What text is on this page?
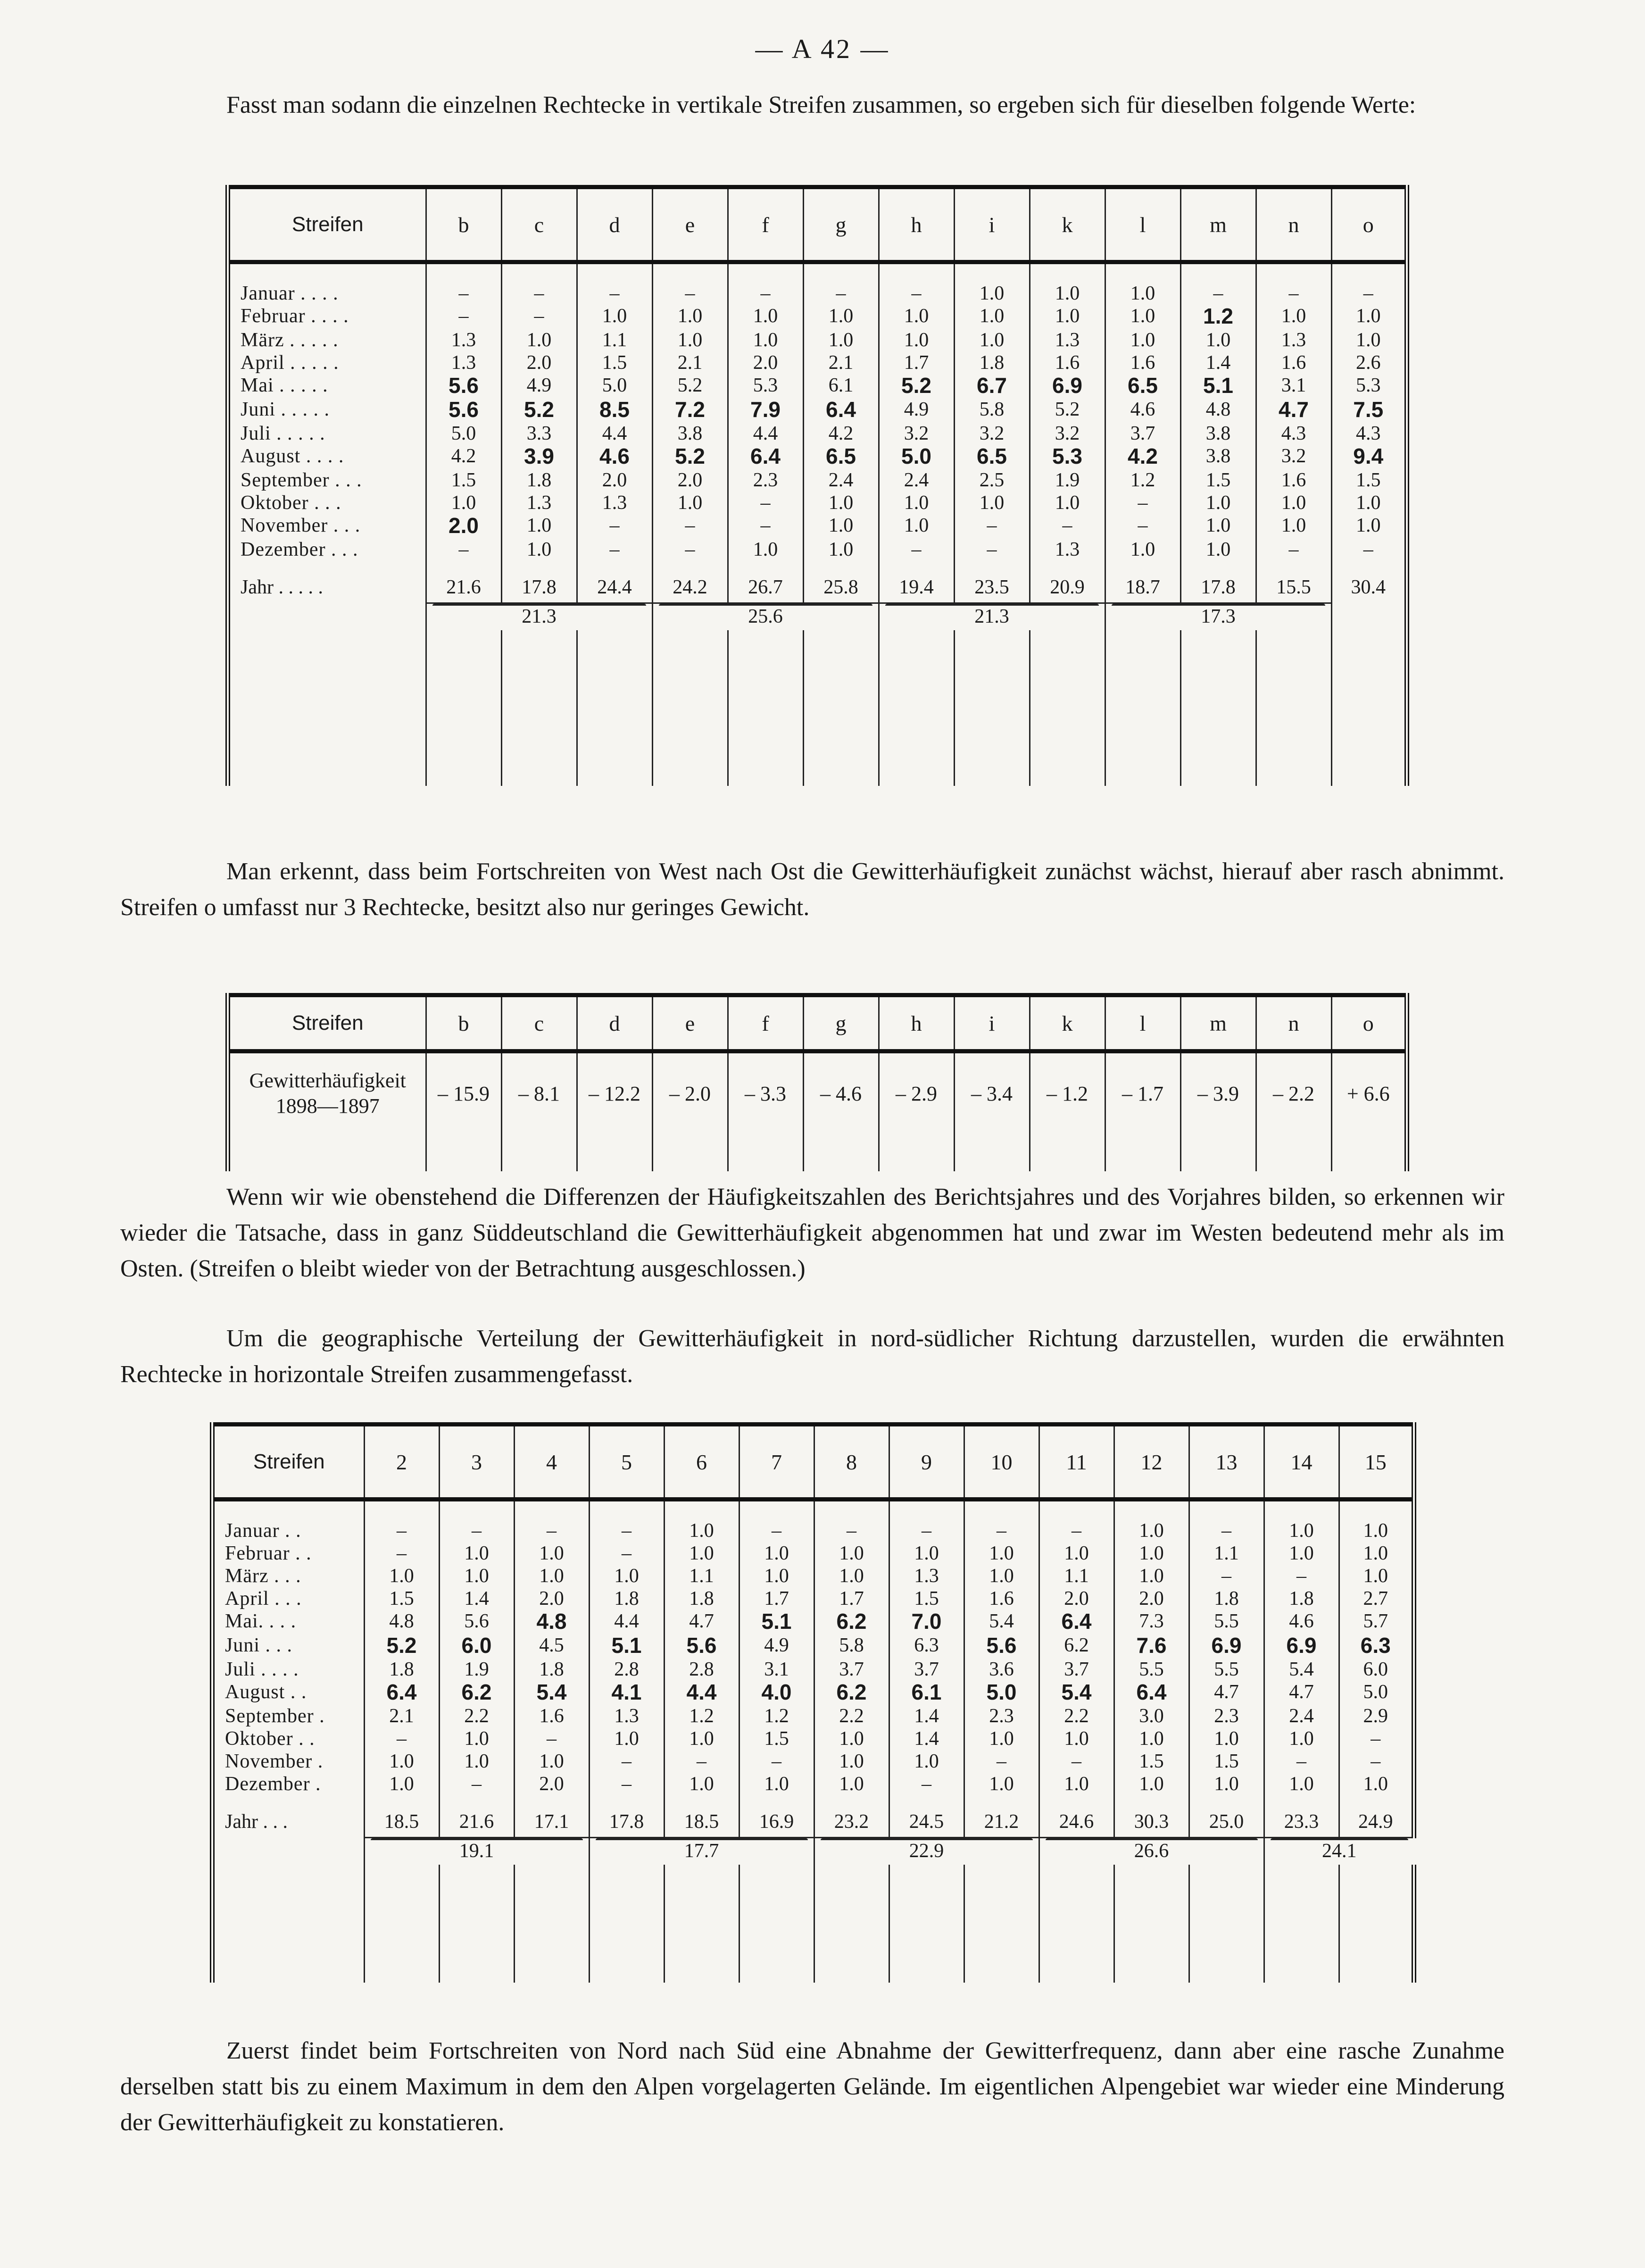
— A 42 —
Fasst man sodann die einzelnen Rechtecke in vertikale Streifen zusammen, so ergeben sich für dieselben folgende Werte:
Streifen	b	c	d	e	f	g	h	i	k	l	m	n	o

Januar . . . .	–	–	–	–	–	–	–	1.0	1.0	1.0	–	–	–
Februar . . . .	–	–	1.0	1.0	1.0	1.0	1.0	1.0	1.0	1.0	1.2	1.0	1.0
März . . . . .	1.3	1.0	1.1	1.0	1.0	1.0	1.0	1.0	1.3	1.0	1.0	1.3	1.0
April . . . . .	1.3	2.0	1.5	2.1	2.0	2.1	1.7	1.8	1.6	1.6	1.4	1.6	2.6
Mai . . . . .	5.6	4.9	5.0	5.2	5.3	6.1	5.2	6.7	6.9	6.5	5.1	3.1	5.3
Juni . . . . .	5.6	5.2	8.5	7.2	7.9	6.4	4.9	5.8	5.2	4.6	4.8	4.7	7.5
Juli . . . . .	5.0	3.3	4.4	3.8	4.4	4.2	3.2	3.2	3.2	3.7	3.8	4.3	4.3
August . . . .	4.2	3.9	4.6	5.2	6.4	6.5	5.0	6.5	5.3	4.2	3.8	3.2	9.4
September . . .	1.5	1.8	2.0	2.0	2.3	2.4	2.4	2.5	1.9	1.2	1.5	1.6	1.5
Oktober . . .	1.0	1.3	1.3	1.0	–	1.0	1.0	1.0	1.0	–	1.0	1.0	1.0
November . . .	2.0	1.0	–	–	–	1.0	1.0	–	–	–	1.0	1.0	1.0
Dezember . . .	–	1.0	–	–	1.0	1.0	–	–	1.3	1.0	1.0	–	–
Jahr . . . . .	21.6	17.8	24.4	24.2	26.7	25.8	19.4	23.5	20.9	18.7	17.8	15.5	30.4

	21.3			25.6			21.3			17.3			

Man erkennt, dass beim Fortschreiten von West nach Ost die Gewitterhäufigkeit zunächst wächst, hierauf aber rasch abnimmt. Streifen o umfasst nur 3 Rechtecke, besitzt also nur geringes Gewicht.
Streifen	b	c	d	e	f	g	h	i	k	l	m	n	o

Gewitterhäufigkeit
1898—1897	– 15.9	– 8.1	– 12.2	– 2.0	– 3.3	– 4.6	– 2.9	– 3.4	– 1.2	– 1.7	– 3.9	– 2.2	+ 6.6

Wenn wir wie obenstehend die Differenzen der Häufigkeitszahlen des Berichtsjahres und des Vorjahres bilden, so erkennen wir wieder die Tatsache, dass in ganz Süddeutschland die Gewitterhäufigkeit abgenommen hat und zwar im Westen bedeutend mehr als im Osten. (Streifen o bleibt wieder von der Betrachtung ausgeschlossen.)
Um die geographische Verteilung der Gewitterhäufigkeit in nord-südlicher Richtung darzustellen, wurden die erwähnten Rechtecke in horizontale Streifen zusammengefasst.
Streifen	2	3	4	5	6	7	8	9	10	11	12	13	14	15

Januar . .	–	–	–	–	1.0	–	–	–	–	–	1.0	–	1.0	1.0
Februar . .	–	1.0	1.0	–	1.0	1.0	1.0	1.0	1.0	1.0	1.0	1.1	1.0	1.0
März . . .	1.0	1.0	1.0	1.0	1.1	1.0	1.0	1.3	1.0	1.1	1.0	–	–	1.0
April . . .	1.5	1.4	2.0	1.8	1.8	1.7	1.7	1.5	1.6	2.0	2.0	1.8	1.8	2.7
Mai. . . .	4.8	5.6	4.8	4.4	4.7	5.1	6.2	7.0	5.4	6.4	7.3	5.5	4.6	5.7
Juni . . .	5.2	6.0	4.5	5.1	5.6	4.9	5.8	6.3	5.6	6.2	7.6	6.9	6.9	6.3
Juli . . . .	1.8	1.9	1.8	2.8	2.8	3.1	3.7	3.7	3.6	3.7	5.5	5.5	5.4	6.0
August . .	6.4	6.2	5.4	4.1	4.4	4.0	6.2	6.1	5.0	5.4	6.4	4.7	4.7	5.0
September .	2.1	2.2	1.6	1.3	1.2	1.2	2.2	1.4	2.3	2.2	3.0	2.3	2.4	2.9
Oktober . .	–	1.0	–	1.0	1.0	1.5	1.0	1.4	1.0	1.0	1.0	1.0	1.0	–
November .	1.0	1.0	1.0	–	–	–	1.0	1.0	–	–	1.5	1.5	–	–
Dezember .	1.0	–	2.0	–	1.0	1.0	1.0	–	1.0	1.0	1.0	1.0	1.0	1.0
Jahr . . .	18.5	21.6	17.1	17.8	18.5	16.9	23.2	24.5	21.2	24.6	30.3	25.0	23.3	24.9

	19.1			17.7			22.9			26.6			24.1	

Zuerst findet beim Fortschreiten von Nord nach Süd eine Abnahme der Gewitterfrequenz, dann aber eine rasche Zunahme derselben statt bis zu einem Maximum in dem den Alpen vorgelagerten Gelände. Im eigentlichen Alpengebiet war wieder eine Minderung der Gewitterhäufigkeit zu konstatieren.
